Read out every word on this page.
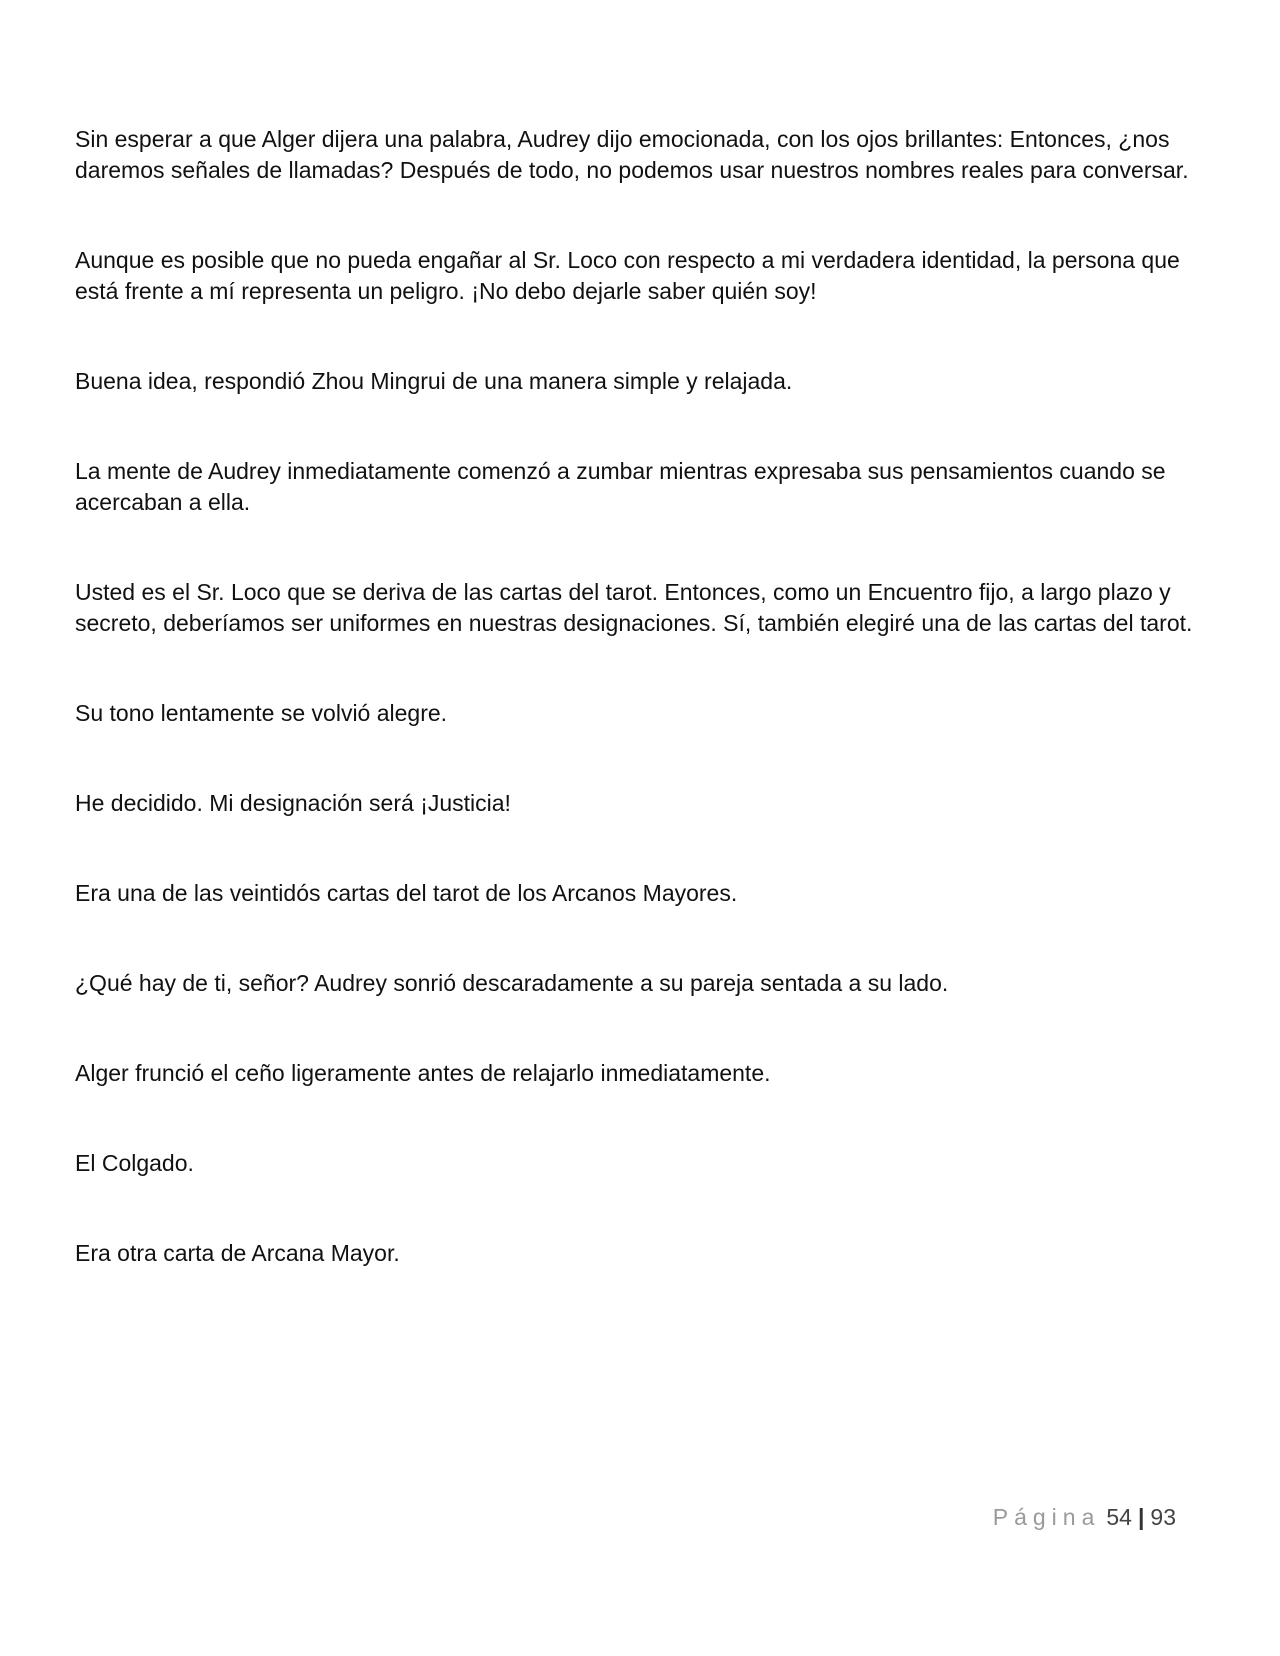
Sin esperar a que Alger dijera una palabra, Audrey dijo emocionada, con los ojos brillantes: Entonces, ¿nos daremos señales de llamadas? Después de todo, no podemos usar nuestros nombres reales para conversar.

Aunque es posible que no pueda engañar al Sr. Loco con respecto a mi verdadera identidad, la persona que está frente a mí representa un peligro. ¡No debo dejarle saber quién soy!

Buena idea, respondió Zhou Mingrui de una manera simple y relajada.

La mente de Audrey inmediatamente comenzó a zumbar mientras expresaba sus pensamientos cuando se acercaban a ella.

Usted es el Sr. Loco que se deriva de las cartas del tarot. Entonces, como un Encuentro fijo, a largo plazo y secreto, deberíamos ser uniformes en nuestras designaciones. Sí, también elegiré una de las cartas del tarot.

Su tono lentamente se volvió alegre.

He decidido. Mi designación será ¡Justicia!

Era una de las veintidós cartas del tarot de los Arcanos Mayores.

¿Qué hay de ti, señor? Audrey sonrió descaradamente a su pareja sentada a su lado.

Alger frunció el ceño ligeramente antes de relajarlo inmediatamente.

El Colgado.

Era otra carta de Arcana Mayor.

Página 54 | 93
